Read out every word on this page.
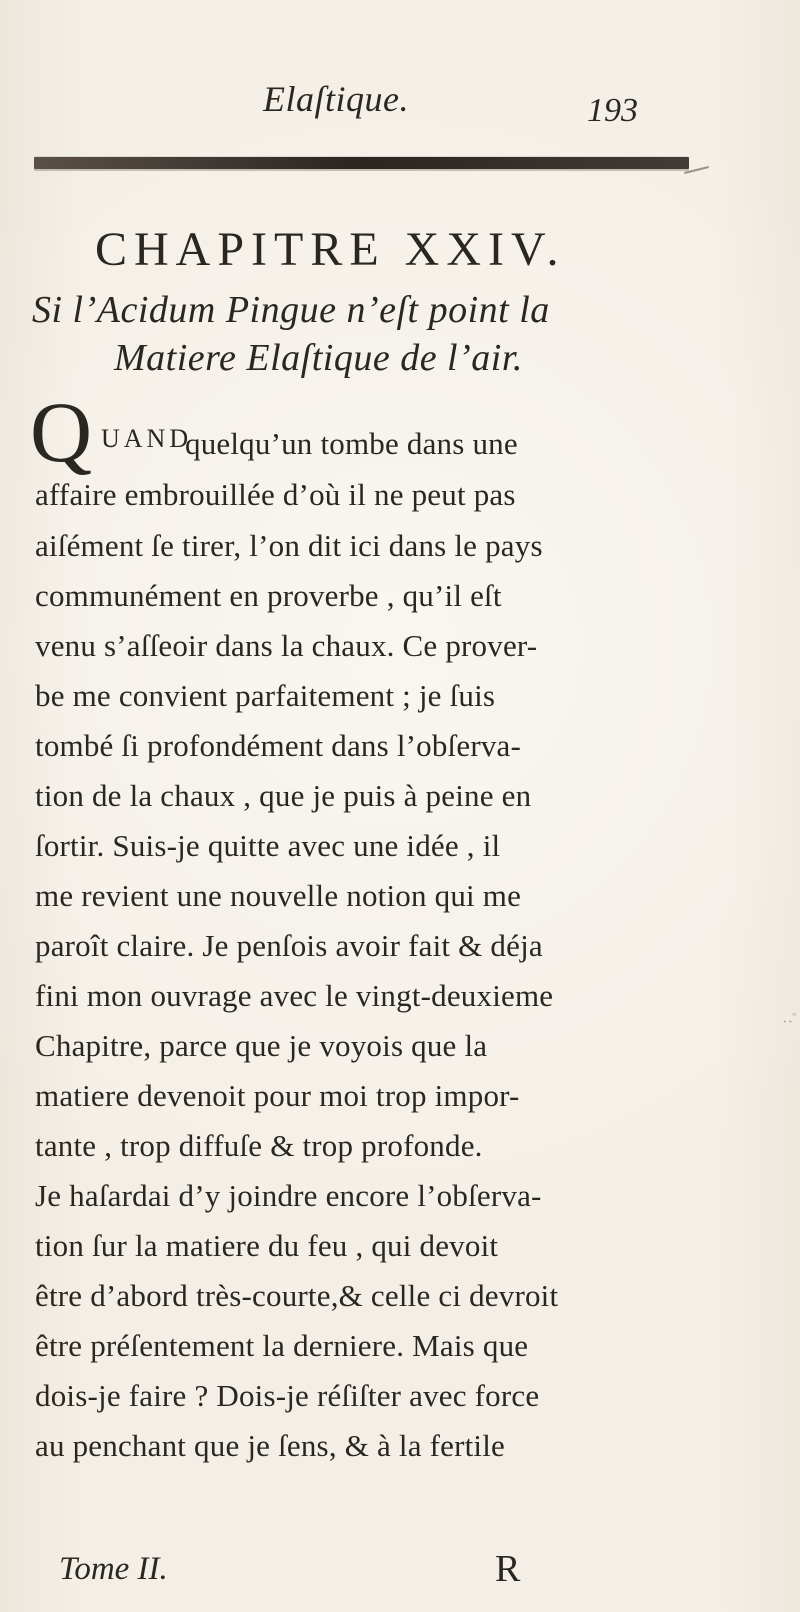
Elaſtique.	193
CHAPITRE XXIV.
Si l’Acidum Pingue n’eſt point la
Matiere Elaſtique de l’air.
Q UAND
quelqu’un tombe dans une
affaire embrouillée d’où il ne peut pas
aiſément ſe tirer, l’on dit ici dans le pays
communément en proverbe , qu’il eſt
venu s’aſſeoir dans la chaux. Ce prover-
be me convient parfaitement ; je ſuis
tombé ſi profondément dans l’obſerva-
tion de la chaux , que je puis à peine en
ſortir. Suis-je quitte avec une idée , il
me revient une nouvelle notion qui me
paroît claire. Je penſois avoir fait & déja
fini mon ouvrage avec le vingt-deuxieme
Chapitre, parce que je voyois que la
matiere devenoit pour moi trop impor-
tante , trop diffuſe & trop profonde.
Je haſardai d’y joindre encore l’obſerva-
tion ſur la matiere du feu , qui devoit
être d’abord très-courte,& celle ci devroit
être préſentement la derniere. Mais que
dois-je faire ? Dois-je réſiſter avec force
au penchant que je ſens, & à la fertile
Tome II.	R
ﾟ:
